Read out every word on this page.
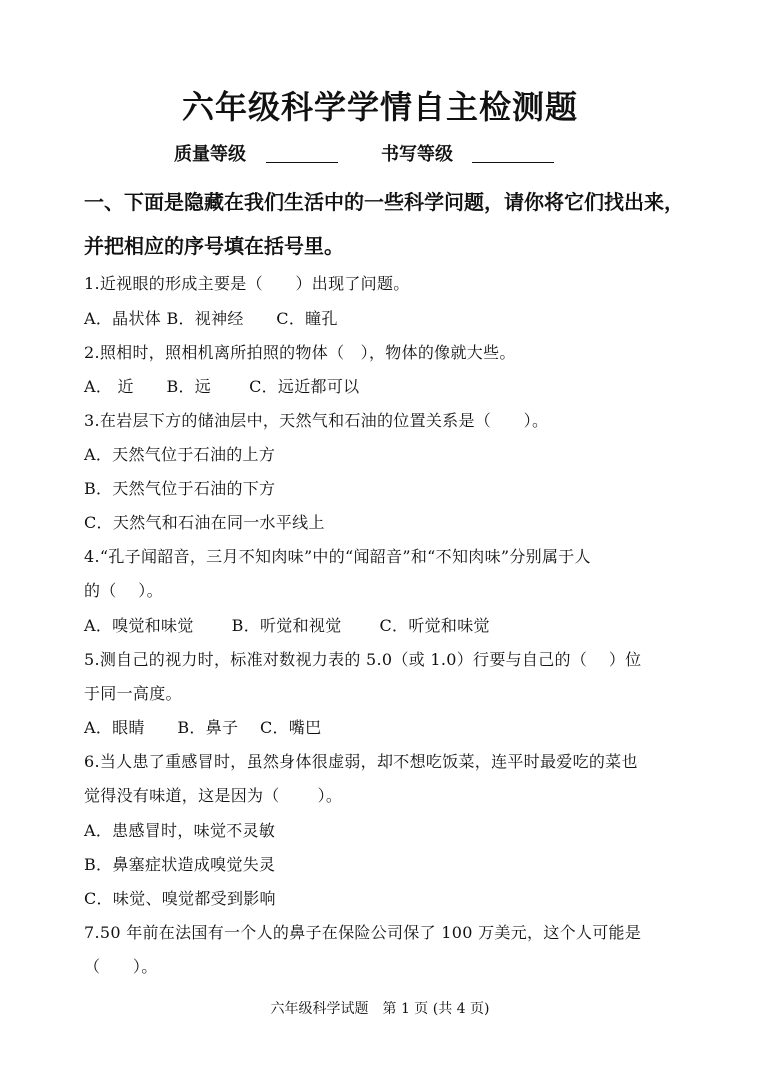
六年级科学学情自主检测题
质量等级	书写等级
一、下面是隐藏在我们生活中的一些科学问题，请你将它们找出来，
并把相应的序号填在括号里。
1.近视眼的形成主要是（　　）出现了问题。
A．晶状体 B．视神经　　C．瞳孔
2.照相时，照相机离所拍照的物体（　），物体的像就大些。
A． 近　　B．远　　 C．远近都可以
3.在岩层下方的储油层中，天然气和石油的位置关系是（　　）。
A．天然气位于石油的上方
B．天然气位于石油的下方
C．天然气和石油在同一水平线上
4.“孔子闻韶音，三月不知肉味”中的“闻韶音”和“不知肉味”分别属于人
的（　 ）。
A．嗅觉和味觉　　 B．听觉和视觉　　 C．听觉和味觉
5.测自己的视力时，标准对数视力表的 5.0（或 1.0）行要与自己的（　 ）位
于同一高度。
A．眼睛　　B．鼻子　 C．嘴巴
6.当人患了重感冒时，虽然身体很虚弱，却不想吃饭菜，连平时最爱吃的菜也
觉得没有味道，这是因为（　　 ）。
A．患感冒时，味觉不灵敏
B．鼻塞症状造成嗅觉失灵
C．味觉、嗅觉都受到影响
7.50 年前在法国有一个人的鼻子在保险公司保了 100 万美元，这个人可能是
（　　）。
六年级科学试题　第 1 页 (共 4 页)
